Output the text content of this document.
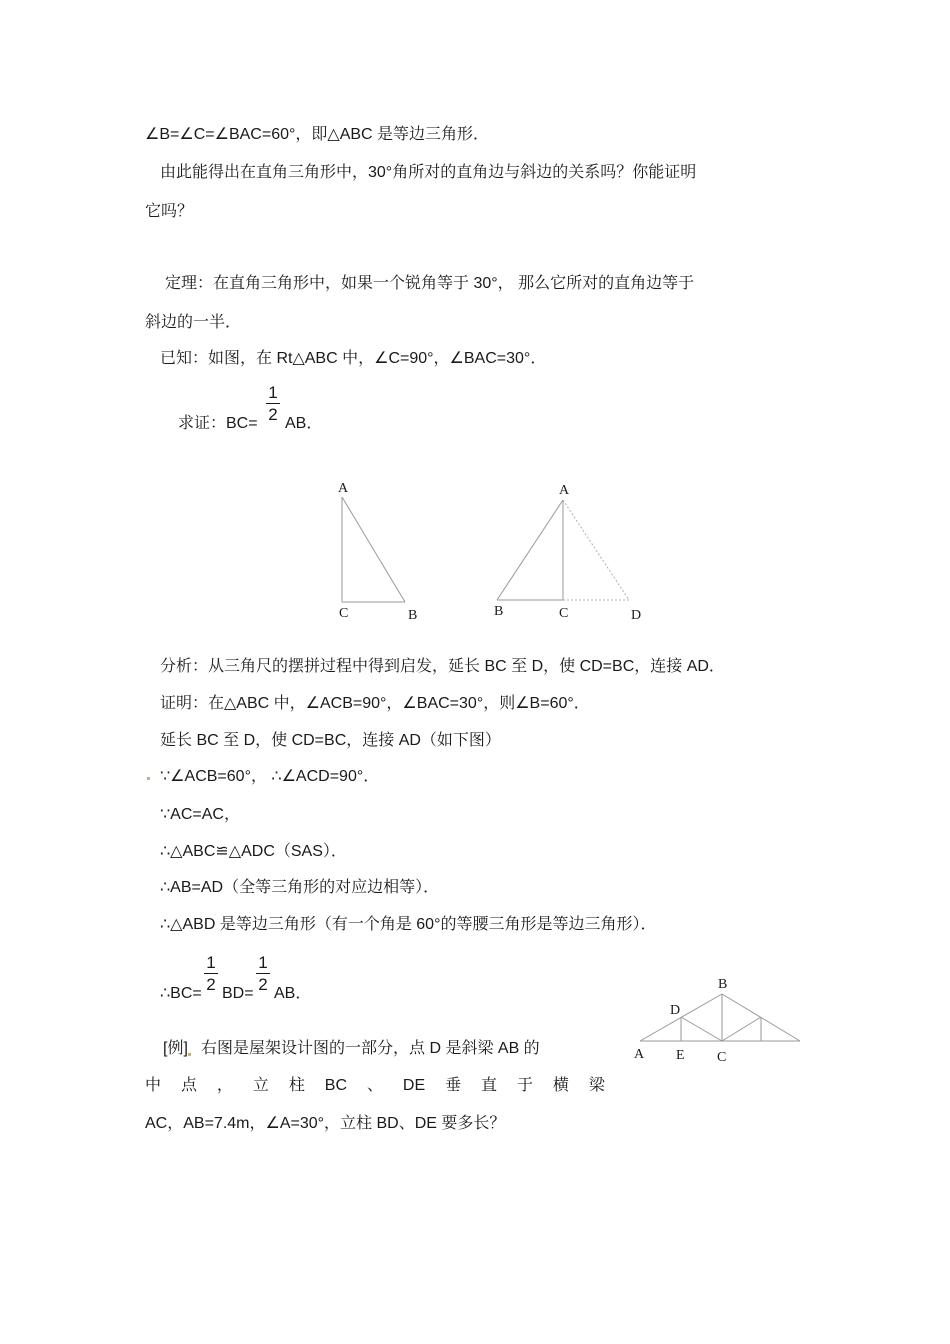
∠B=∠C=∠BAC=60°，即△ABC 是等边三角形．
由此能得出在直角三角形中，30°角所对的直角边与斜边的关系吗？你能证明
它吗？
定理：在直角三角形中，如果一个锐角等于 30°， 那么它所对的直角边等于
斜边的一半．
已知：如图，在 Rt△ABC 中，∠C=90°，∠BAC=30°．
求证：BC=
1
2 AB．
A
C	B
A
B	C	D
分析：从三角尺的摆拼过程中得到启发，延长 BC 至 D，使 CD=BC，连接 AD．
证明：在△ABC 中，∠ACB=90°，∠BAC=30°，则∠B=60°．
延长 BC 至 D，使 CD=BC，连接 AD（如下图）
∵∠ACB=60°， ∴∠ACD=90°．
∵AC=AC，
∴△ABC≌△ADC（SAS）．
∴AB=AD（全等三角形的对应边相等）．
∴△ABD 是等边三角形（有一个角是 60°的等腰三角形是等边三角形）．
∴BC=
1
2 BD=
1
2 AB．
[例] 右图是屋架设计图的一部分，点 D 是斜梁 AB 的
中 点 ， 立 柱 BC 、 DE 垂 直 于 横 梁
AC，AB=7.4m，∠A=30°，立柱 BD、DE 要多长？
B
D
A E C
